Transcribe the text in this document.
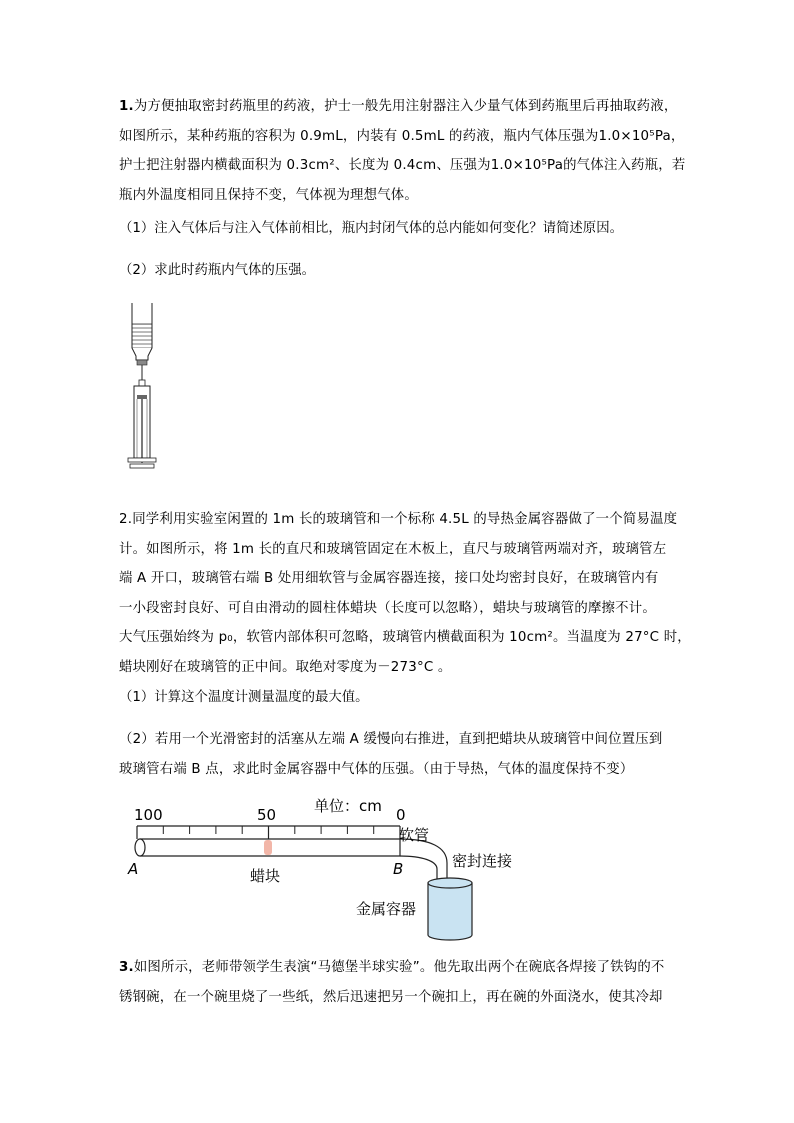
1.为方便抽取密封药瓶里的药液，护士一般先用注射器注入少量气体到药瓶里后再抽取药液，
如图所示，某种药瓶的容积为 0.9mL，内装有 0.5mL 的药液，瓶内气体压强为1.0×10⁵Pa，
护士把注射器内横截面积为 0.3cm²、长度为 0.4cm、压强为1.0×10⁵Pa的气体注入药瓶，若
瓶内外温度相同且保持不变，气体视为理想气体。
（1）注入气体后与注入气体前相比，瓶内封闭气体的总内能如何变化？请简述原因。
（2）求此时药瓶内气体的压强。
2.同学利用实验室闲置的 1m 长的玻璃管和一个标称 4.5L 的导热金属容器做了一个简易温度
计。如图所示，将 1m 长的直尺和玻璃管固定在木板上，直尺与玻璃管两端对齐，玻璃管左
端 A 开口，玻璃管右端 B 处用细软管与金属容器连接，接口处均密封良好，在玻璃管内有
一小段密封良好、可自由滑动的圆柱体蜡块（长度可以忽略），蜡块与玻璃管的摩擦不计。
大气压强始终为 p₀，软管内部体积可忽略，玻璃管内横截面积为 10cm²。当温度为 27°C 时，
蜡块刚好在玻璃管的正中间。取绝对零度为－273°C 。
（1）计算这个温度计测量温度的最大值。
（2）若用一个光滑密封的活塞从左端 A 缓慢向右推进，直到把蜡块从玻璃管中间位置压到
玻璃管右端 B 点，求此时金属容器中气体的压强。（由于导热，气体的温度保持不变）
100	50	单位：cm 0
A	B
蜡块
软管
密封连接
金属容器
3.如图所示，老师带领学生表演“马德堡半球实验”。他先取出两个在碗底各焊接了铁钩的不
锈钢碗，在一个碗里烧了一些纸，然后迅速把另一个碗扣上，再在碗的外面浇水，使其冷却
